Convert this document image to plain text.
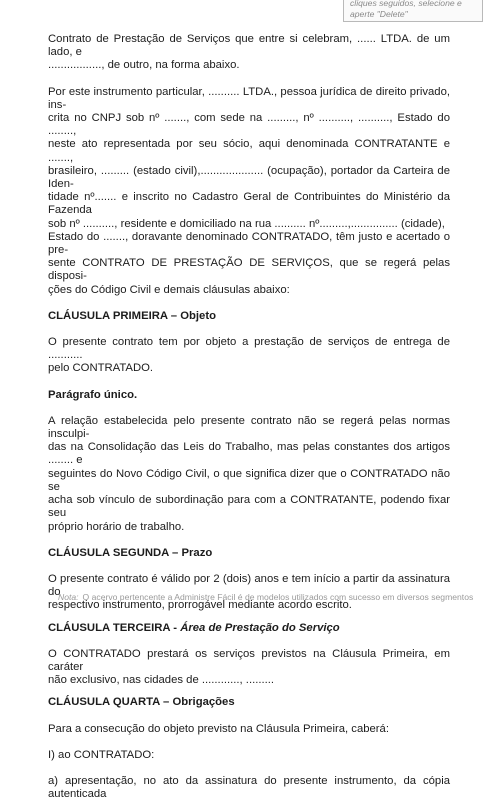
cliques seguidos, selecione e
aperte "Delete"

Contrato de Prestação de Serviços que entre si celebram, ...... LTDA. de um lado, e

................., de outro, na forma abaixo.

Por este instrumento particular, .......... LTDA., pessoa jurídica de direito privado, ins-

crita no CNPJ sob nº ......., com sede na ........., nº .........., .........., Estado do ........,

neste ato representada por seu sócio, aqui denominada CONTRATANTE e .......,

brasileiro, ......... (estado civil),.................... (ocupação), portador da Carteira de Iden-

tidade nº....... e inscrito no Cadastro Geral de Contribuintes do Ministério da Fazenda

sob nº .........., residente e domiciliado na rua .......... nº.........,............... (cidade),

Estado do ......., doravante denominado CONTRATADO, têm justo e acertado o pre-

sente CONTRATO DE PRESTAÇÃO DE SERVIÇOS, que se regerá pelas disposi-

ções do Código Civil e demais cláusulas abaixo:

CLÁUSULA PRIMEIRA – Objeto

O presente contrato tem por objeto a prestação de serviços de entrega de ...........

pelo CONTRATADO.

Parágrafo único.

A relação estabelecida pelo presente contrato não se regerá pelas normas insculpi-

das na Consolidação das Leis do Trabalho, mas pelas constantes dos artigos ........ e

seguintes do Novo Código Civil, o que significa dizer que o CONTRATADO não se

acha sob vínculo de subordinação para com a CONTRATANTE, podendo fixar seu

próprio horário de trabalho.

CLÁUSULA SEGUNDA – Prazo

O presente contrato é válido por 2 (dois) anos e tem início a partir da assinatura do

respectivo instrumento, prorrogável mediante acordo escrito.

CLÁUSULA TERCEIRA - Área de Prestação do Serviço

O CONTRATADO prestará os serviços previstos na Cláusula Primeira, em caráter

não exclusivo, nas cidades de ............, .........

CLÁUSULA QUARTA – Obrigações

Para a consecução do objeto previsto na Cláusula Primeira, caberá:

I) ao CONTRATADO:

a) apresentação, no ato da assinatura do presente instrumento, da cópia autenticada

Nota: O acervo pertencente a Administre Fácil é de modelos utilizados com sucesso em diversos segmentos
